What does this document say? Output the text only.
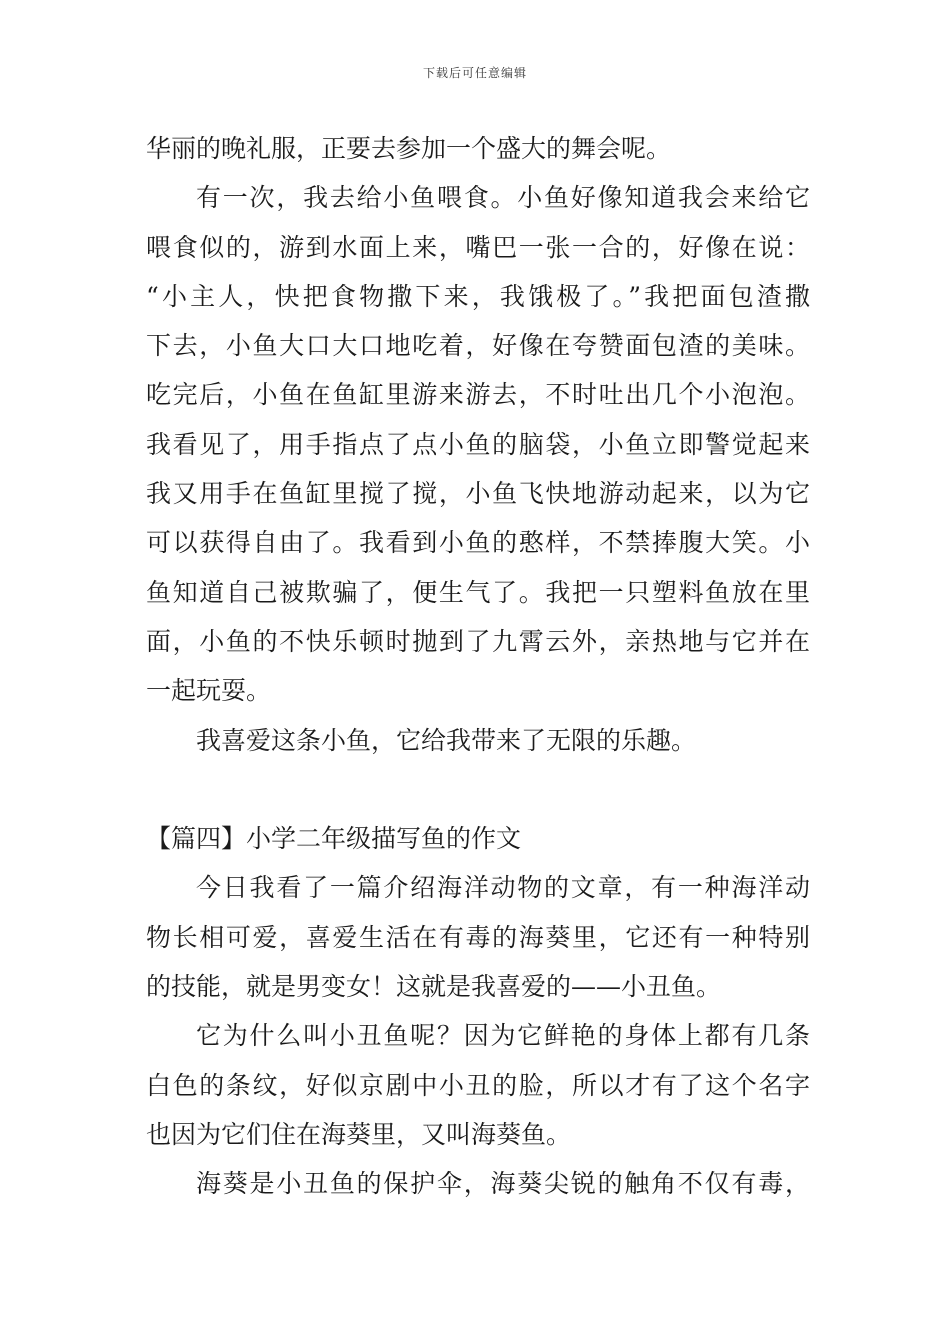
下载后可任意编辑
华丽的晚礼服，正要去参加一个盛大的舞会呢。
有一次，我去给小鱼喂食。小鱼好像知道我会来给它
喂食似的，游到水面上来，嘴巴一张一合的，好像在说：
“小主人，快把食物撒下来，我饿极了。”我把面包渣撒
下去，小鱼大口大口地吃着，好像在夸赞面包渣的美味。
吃完后，小鱼在鱼缸里游来游去，不时吐出几个小泡泡。
我看见了，用手指点了点小鱼的脑袋，小鱼立即警觉起来
我又用手在鱼缸里搅了搅，小鱼飞快地游动起来，以为它
可以获得自由了。我看到小鱼的憨样，不禁捧腹大笑。小
鱼知道自己被欺骗了，便生气了。我把一只塑料鱼放在里
面，小鱼的不快乐顿时抛到了九霄云外，亲热地与它并在
一起玩耍。
我喜爱这条小鱼，它给我带来了无限的乐趣。
【篇四】小学二年级描写鱼的作文
今日我看了一篇介绍海洋动物的文章，有一种海洋动
物长相可爱，喜爱生活在有毒的海葵里，它还有一种特别
的技能，就是男变女！这就是我喜爱的——小丑鱼。
它为什么叫小丑鱼呢？因为它鲜艳的身体上都有几条
白色的条纹，好似京剧中小丑的脸，所以才有了这个名字
也因为它们住在海葵里，又叫海葵鱼。
海葵是小丑鱼的保护伞，海葵尖锐的触角不仅有毒，
